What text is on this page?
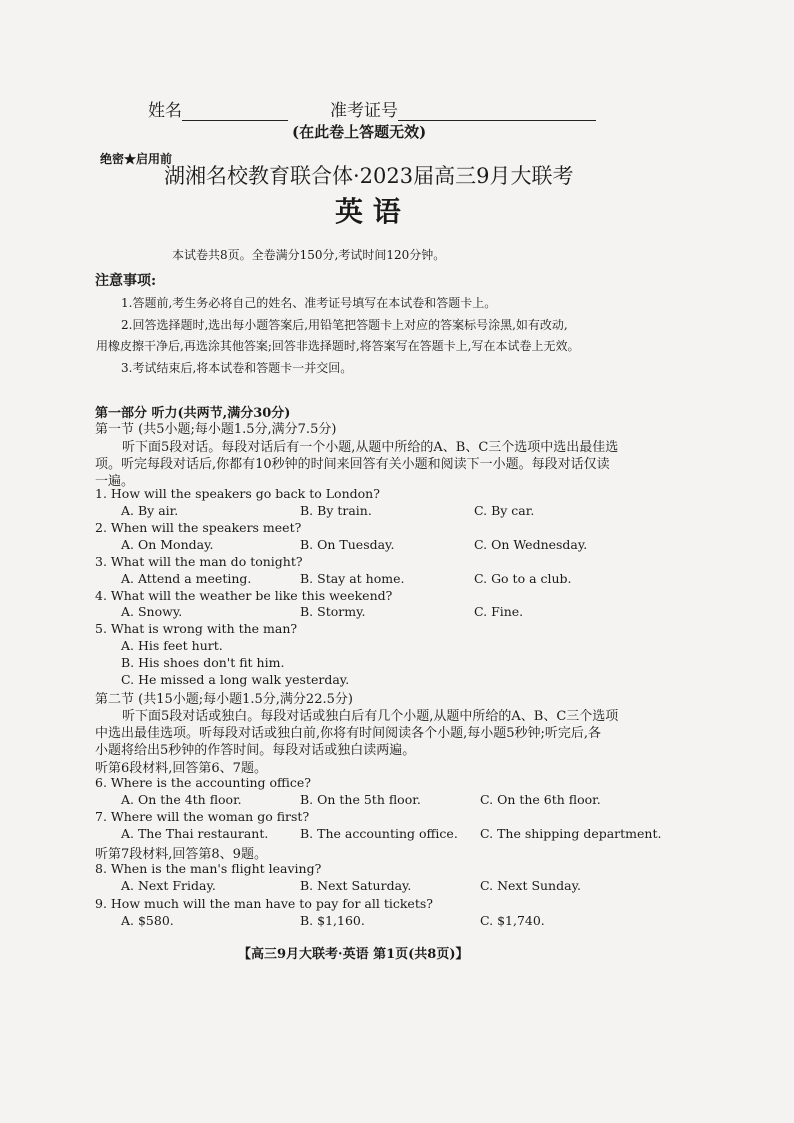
姓名	准考证号
(在此卷上答题无效)
绝密★启用前
湖湘名校教育联合体·2023届高三9月大联考
英 语
本试卷共8页。全卷满分150分,考试时间120分钟。
注意事项:
1.答题前,考生务必将自己的姓名、准考证号填写在本试卷和答题卡上。
2.回答选择题时,选出每小题答案后,用铅笔把答题卡上对应的答案标号涂黑,如有改动,
用橡皮擦干净后,再选涂其他答案;回答非选择题时,将答案写在答题卡上,写在本试卷上无效。
3.考试结束后,将本试卷和答题卡一并交回。
第一部分 听力(共两节,满分30分)
第一节 (共5小题;每小题1.5分,满分7.5分)
听下面5段对话。每段对话后有一个小题,从题中所给的A、B、C三个选项中选出最佳选
项。听完每段对话后,你都有10秒钟的时间来回答有关小题和阅读下一小题。每段对话仅读
一遍。
1. How will the speakers go back to London?
A. By air.	B. By train.	C. By car.
2. When will the speakers meet?
A. On Monday.	B. On Tuesday.	C. On Wednesday.
3. What will the man do tonight?
A. Attend a meeting.	B. Stay at home.	C. Go to a club.
4. What will the weather be like this weekend?
A. Snowy.	B. Stormy.	C. Fine.
5. What is wrong with the man?
A. His feet hurt.
B. His shoes don't fit him.
C. He missed a long walk yesterday.
第二节 (共15小题;每小题1.5分,满分22.5分)
听下面5段对话或独白。每段对话或独白后有几个小题,从题中所给的A、B、C三个选项
中选出最佳选项。听每段对话或独白前,你将有时间阅读各个小题,每小题5秒钟;听完后,各
小题将给出5秒钟的作答时间。每段对话或独白读两遍。
听第6段材料,回答第6、7题。
6. Where is the accounting office?
A. On the 4th floor.	B. On the 5th floor.	C. On the 6th floor.
7. Where will the woman go first?
A. The Thai restaurant.	B. The accounting office. C. The shipping department.
听第7段材料,回答第8、9题。
8. When is the man's flight leaving?
A. Next Friday.	B. Next Saturday.	C. Next Sunday.
9. How much will the man have to pay for all tickets?
A. $580.	B. $1,160.	C. $1,740.
【高三9月大联考·英语 第1页(共8页)】
